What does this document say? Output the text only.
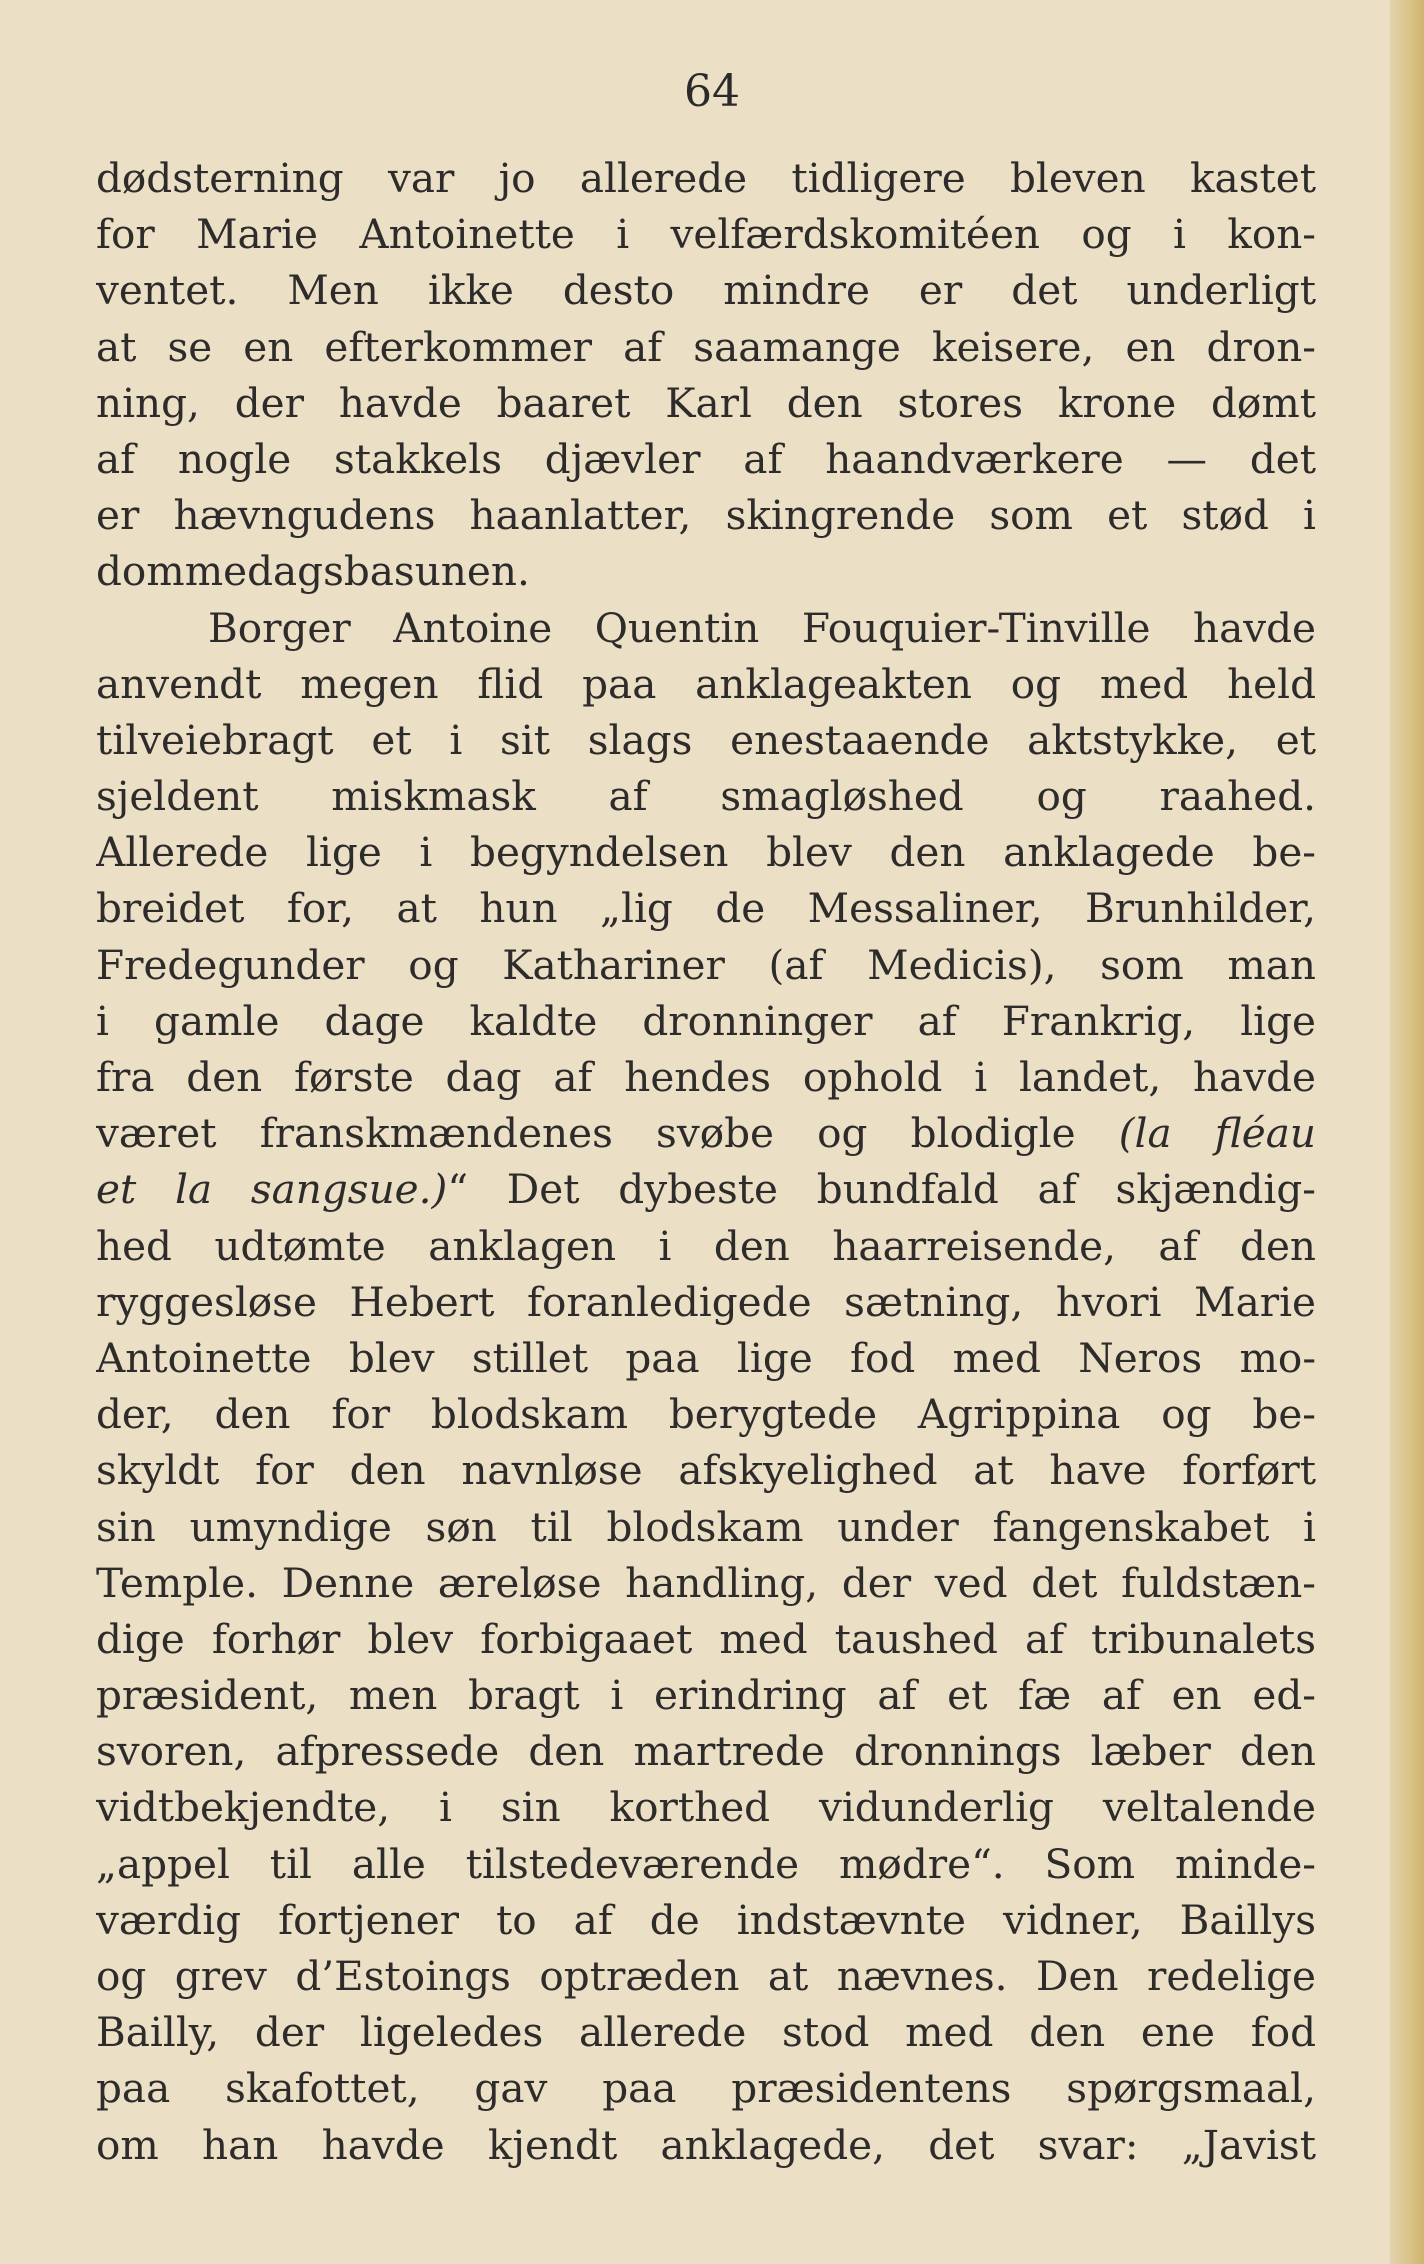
64
dødsterning var jo allerede tidligere bleven kastet
for Marie Antoinette i velfærdskomitéen og i kon-
ventet. Men ikke desto mindre er det underligt
at se en efterkommer af saamange keisere, en dron-
ning, der havde baaret Karl den stores krone dømt
af nogle stakkels djævler af haandværkere — det
er hævngudens haanlatter, skingrende som et stød i
dommedagsbasunen.
Borger Antoine Quentin Fouquier-Tinville havde
anvendt megen flid paa anklageakten og med held
tilveiebragt et i sit slags enestaaende aktstykke, et
sjeldent miskmask af smagløshed og raahed.
Allerede lige i begyndelsen blev den anklagede be-
breidet for, at hun „lig de Messaliner, Brunhilder,
Fredegunder og Kathariner (af Medicis), som man
i gamle dage kaldte dronninger af Frankrig, lige
fra den første dag af hendes ophold i landet, havde
været franskmændenes svøbe og blodigle (la fléau
et la sangsue.)“ Det dybeste bundfald af skjændig-
hed udtømte anklagen i den haarreisende, af den
ryggesløse Hebert foranledigede sætning, hvori Marie
Antoinette blev stillet paa lige fod med Neros mo-
der, den for blodskam berygtede Agrippina og be-
skyldt for den navnløse afskyelighed at have forført
sin umyndige søn til blodskam under fangenskabet i
Temple. Denne æreløse handling, der ved det fuldstæn-
dige forhør blev forbigaaet med taushed af tribunalets
præsident, men bragt i erindring af et fæ af en ed-
svoren, afpressede den martrede dronnings læber den
vidtbekjendte, i sin korthed vidunderlig veltalende
„appel til alle tilstedeværende mødre“. Som minde-
værdig fortjener to af de indstævnte vidner, Baillys
og grev d’Estoings optræden at nævnes. Den redelige
Bailly, der ligeledes allerede stod med den ene fod
paa skafottet, gav paa præsidentens spørgsmaal,
om han havde kjendt anklagede, det svar: „Javist
